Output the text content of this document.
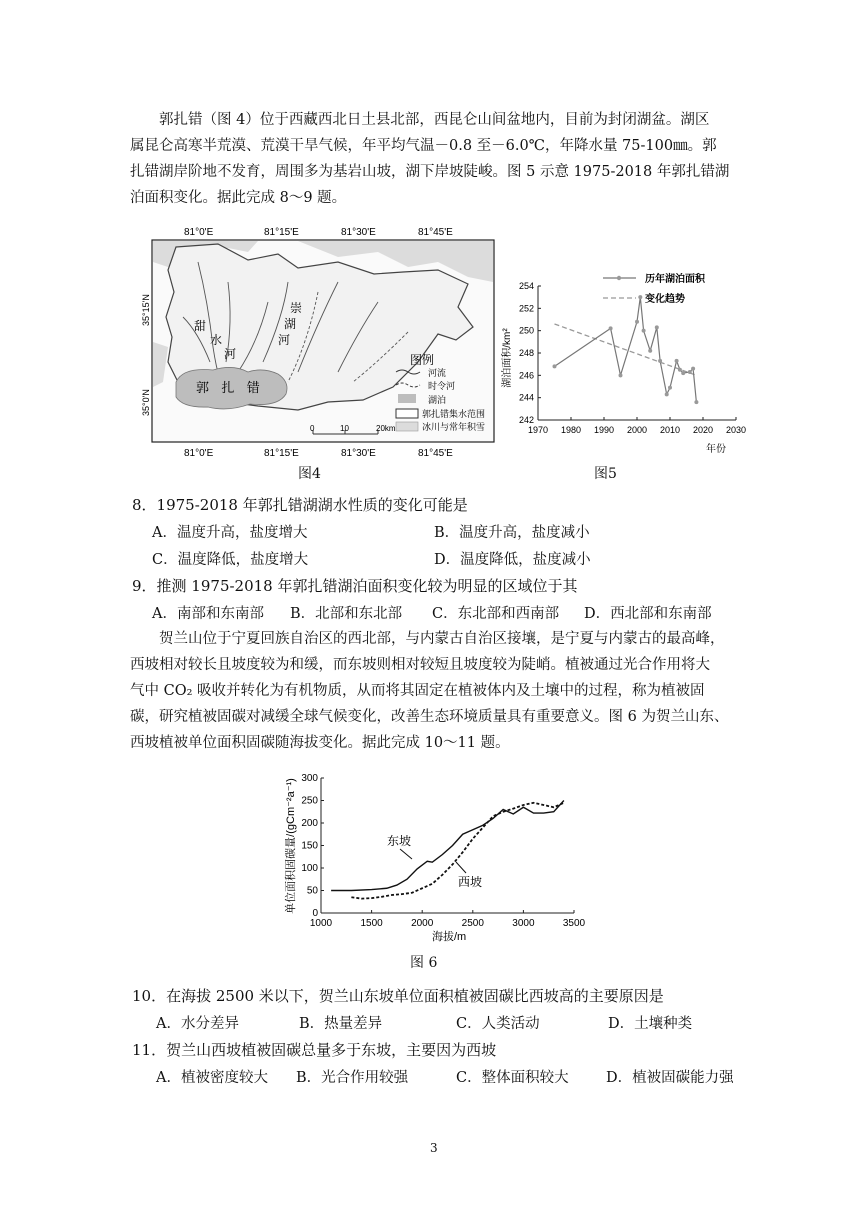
郭扎错（图 4）位于西藏西北日土县北部，西昆仑山间盆地内，目前为封闭湖盆。湖区
属昆仑高寒半荒漠、荒漠干旱气候，年平均气温－0.8 至－6.0℃，年降水量 75-100㎜。郭
扎错湖岸阶地不发育，周围多为基岩山坡，湖下岸坡陡峻。图 5 示意 1975-2018 年郭扎错湖
泊面积变化。据此完成 8～9 题。
81°0'E	81°15'E	81°30'E	81°45'E
甜
水
河
崇
湖
河
郭   扎   错
35°15'N
35°0'N
图例
河流
时令河
湖泊
郭扎错集水范围
冰川与常年积雪
0	10	20km
81°0'E	81°15'E	81°30'E	81°45'E
图4
242
244
246
248
250
252
254
1970 1980 1990 2000 2010 2020 2030
历年湖泊面积
变化趋势
湖泊面积/km²
年份
图5
8．1975-2018 年郭扎错湖湖水性质的变化可能是
A．温度升高，盐度增大	B．温度升高，盐度减小
C．温度降低，盐度增大	D．温度降低，盐度减小
9．推测 1975-2018 年郭扎错湖泊面积变化较为明显的区域位于其
A．南部和东南部 B．北部和东北部 C．东北部和西南部 D．西北部和东南部
贺兰山位于宁夏回族自治区的西北部，与内蒙古自治区接壤，是宁夏与内蒙古的最高峰，
西坡相对较长且坡度较为和缓，而东坡则相对较短且坡度较为陡峭。植被通过光合作用将大
气中 CO₂ 吸收并转化为有机物质，从而将其固定在植被体内及土壤中的过程，称为植被固
碳，研究植被固碳对减缓全球气候变化，改善生态环境质量具有重要意义。图 6 为贺兰山东、
西坡植被单位面积固碳随海拔变化。据此完成 10～11 题。
0
50
100
150
200
250
300
1000	1500	2000	2500	3000	3500
单位面积固碳量/(gCm⁻²a⁻¹)
海拔/m
东坡
西坡
图 6
10．在海拔 2500 米以下，贺兰山东坡单位面积植被固碳比西坡高的主要原因是
A．水分差异	B．热量差异	C．人类活动	D．土壤种类
11．贺兰山西坡植被固碳总量多于东坡，主要因为西坡
A．植被密度较大 B．光合作用较强	C．整体面积较大	D．植被固碳能力强
3
